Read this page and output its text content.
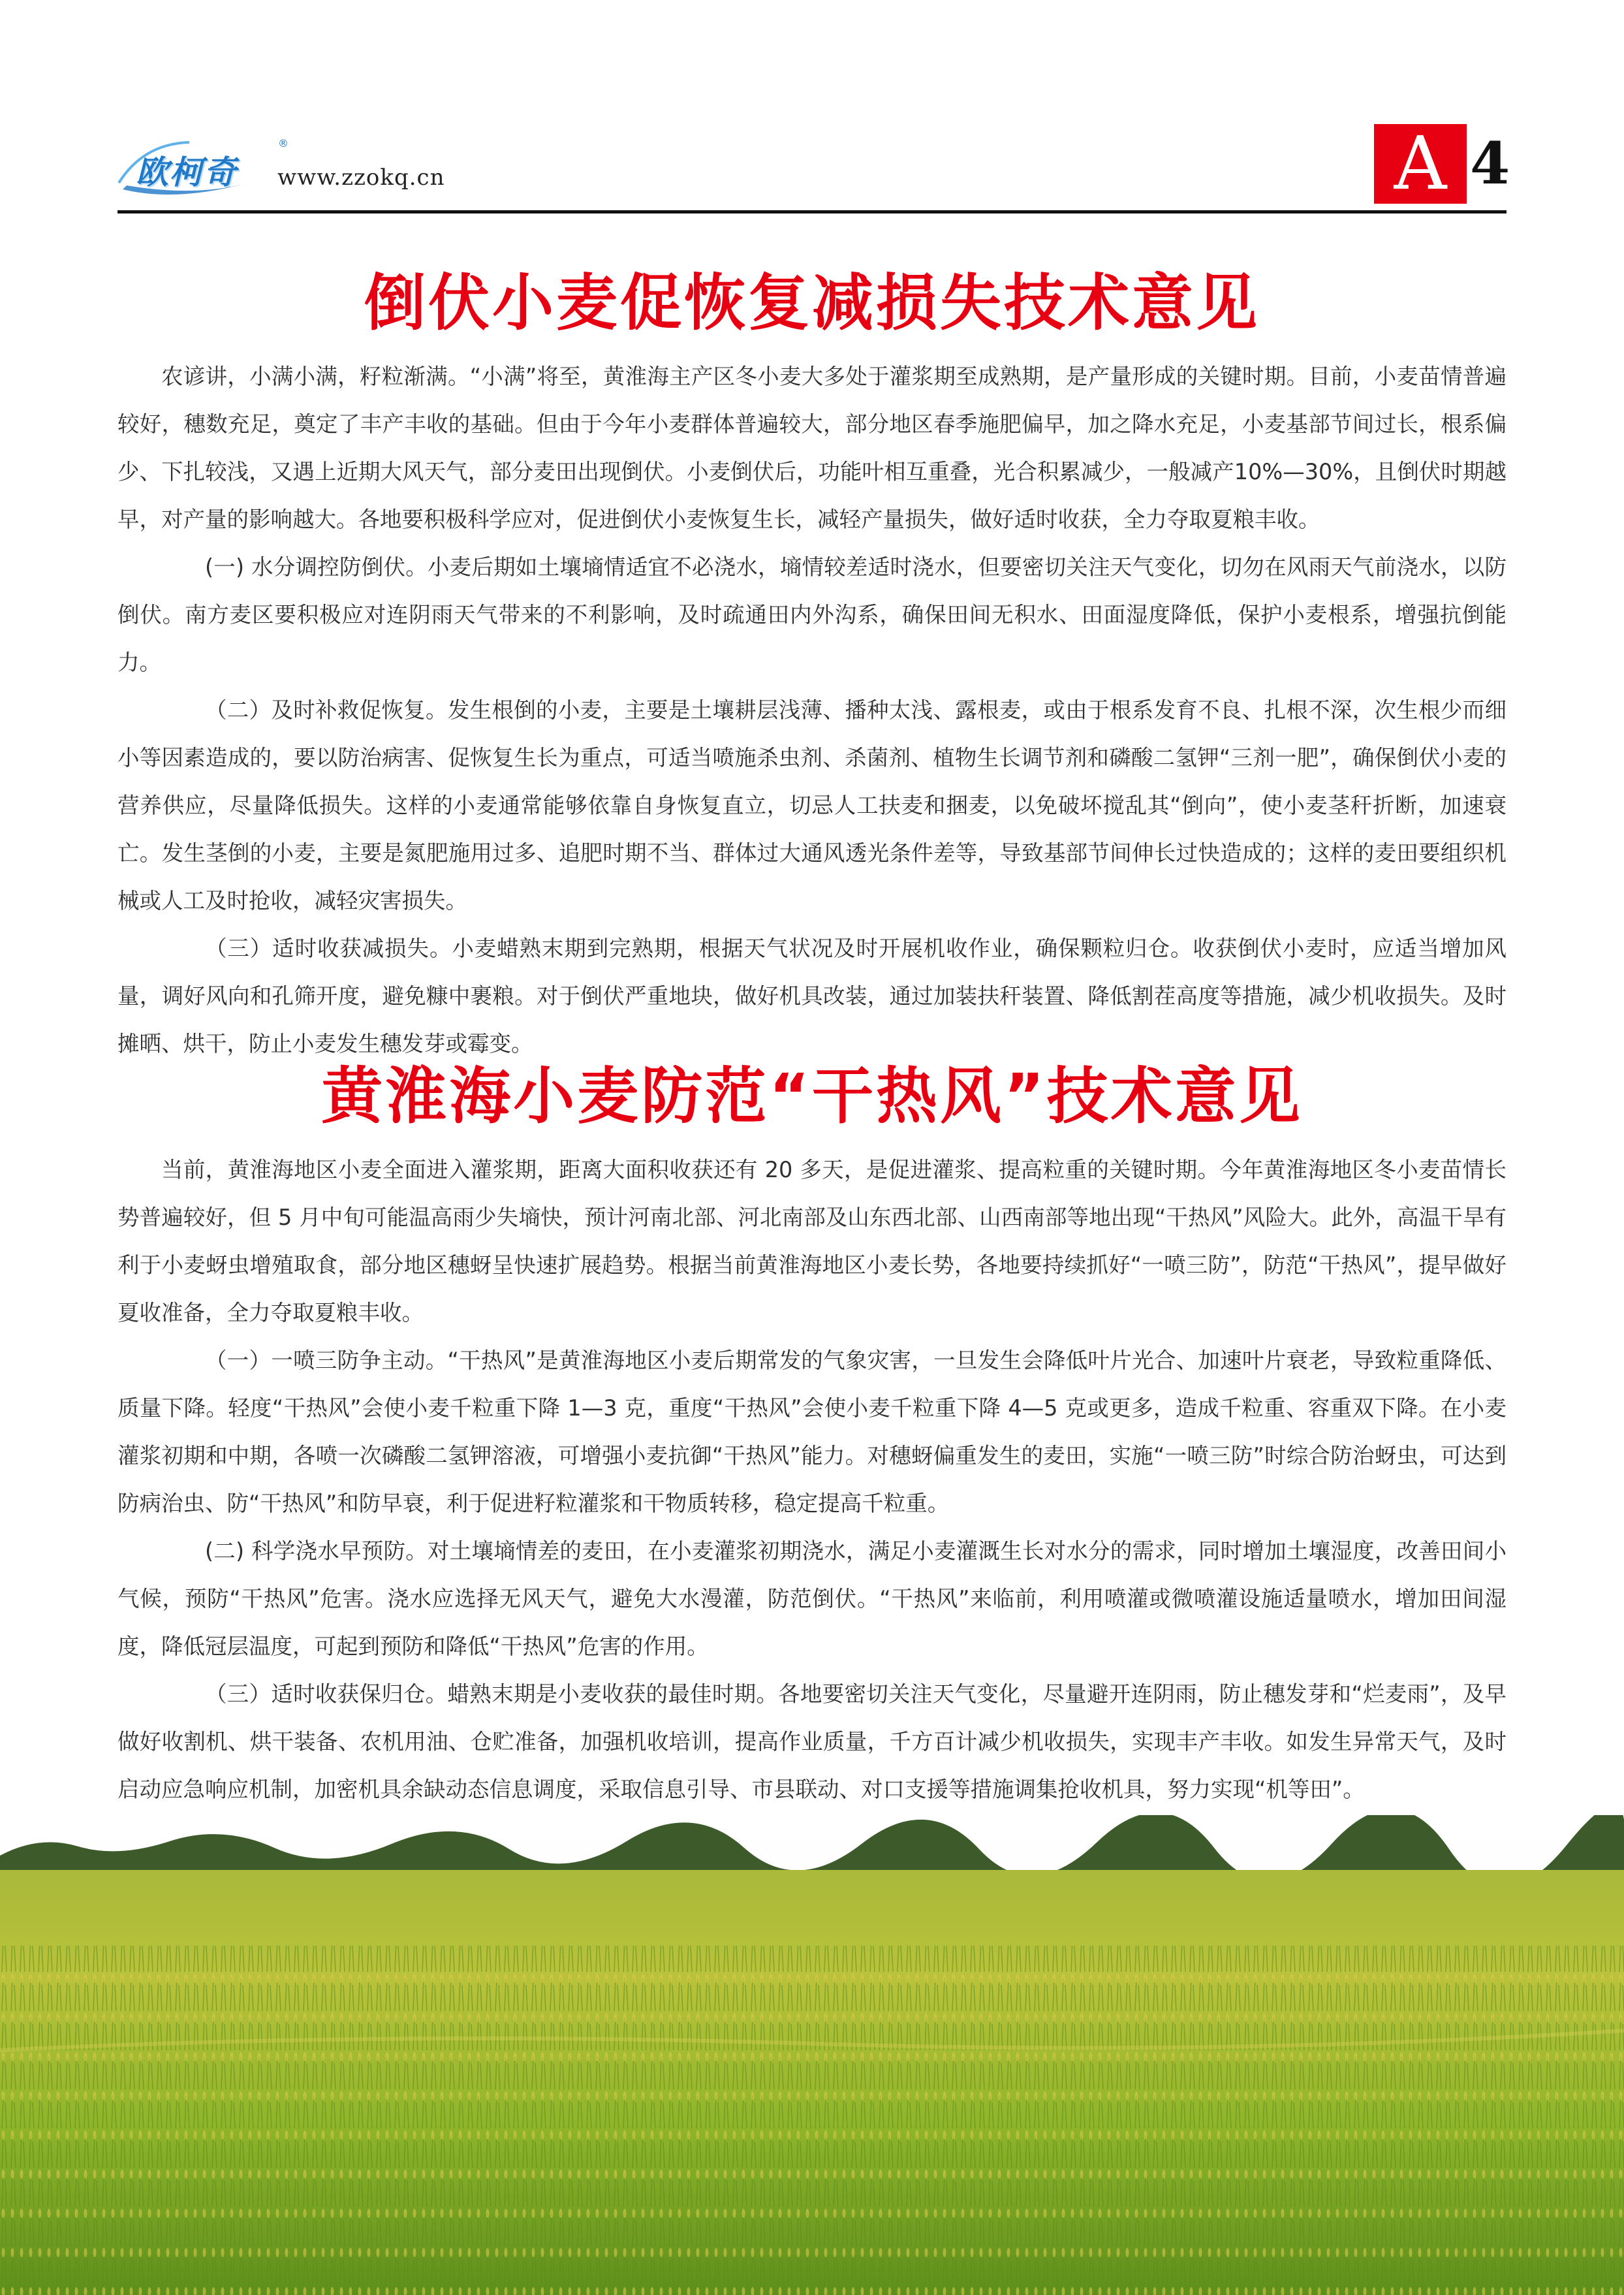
欧柯奇
®
www.zzokq.cn	A 4
倒伏小麦促恢复减损失技术意见

农谚讲，小满小满，籽粒渐满。“小满”将至，黄淮海主产区冬小麦大多处于灌浆期至成熟期，是产量形成的关键时期。目前，小麦苗情普遍较好，穗数充足，奠定了丰产丰收的基础。但由于今年小麦群体普遍较大，部分地区春季施肥偏早，加之降水充足，小麦基部节间过长，根系偏少、下扎较浅，又遇上近期大风天气，部分麦田出现倒伏。小麦倒伏后，功能叶相互重叠，光合积累减少，一般减产10%—30%，且倒伏时期越早，对产量的影响越大。各地要积极科学应对，促进倒伏小麦恢复生长，减轻产量损失，做好适时收获，全力夺取夏粮丰收。

(一) 水分调控防倒伏。小麦后期如土壤墒情适宜不必浇水，墒情较差适时浇水，但要密切关注天气变化，切勿在风雨天气前浇水，以防倒伏。南方麦区要积极应对连阴雨天气带来的不利影响，及时疏通田内外沟系，确保田间无积水、田面湿度降低，保护小麦根系，增强抗倒能力。

（二）及时补救促恢复。发生根倒的小麦，主要是土壤耕层浅薄、播种太浅、露根麦，或由于根系发育不良、扎根不深，次生根少而细小等因素造成的，要以防治病害、促恢复生长为重点，可适当喷施杀虫剂、杀菌剂、植物生长调节剂和磷酸二氢钾“三剂一肥”，确保倒伏小麦的营养供应，尽量降低损失。这样的小麦通常能够依靠自身恢复直立，切忌人工扶麦和捆麦，以免破坏搅乱其“倒向”，使小麦茎秆折断，加速衰亡。发生茎倒的小麦，主要是氮肥施用过多、追肥时期不当、群体过大通风透光条件差等，导致基部节间伸长过快造成的；这样的麦田要组织机械或人工及时抢收，减轻灾害损失。

（三）适时收获减损失。小麦蜡熟末期到完熟期，根据天气状况及时开展机收作业，确保颗粒归仓。收获倒伏小麦时，应适当增加风量，调好风向和孔筛开度，避免糠中裹粮。对于倒伏严重地块，做好机具改装，通过加装扶秆装置、降低割茬高度等措施，减少机收损失。及时摊晒、烘干，防止小麦发生穗发芽或霉变。

黄淮海小麦防范“干热风”技术意见

当前，黄淮海地区小麦全面进入灌浆期，距离大面积收获还有 20 多天，是促进灌浆、提高粒重的关键时期。今年黄淮海地区冬小麦苗情长势普遍较好，但 5 月中旬可能温高雨少失墒快，预计河南北部、河北南部及山东西北部、山西南部等地出现“干热风”风险大。此外，高温干旱有利于小麦蚜虫增殖取食，部分地区穗蚜呈快速扩展趋势。根据当前黄淮海地区小麦长势，各地要持续抓好“一喷三防”，防范“干热风”，提早做好夏收准备，全力夺取夏粮丰收。

（一）一喷三防争主动。“干热风”是黄淮海地区小麦后期常发的气象灾害，一旦发生会降低叶片光合、加速叶片衰老，导致粒重降低、质量下降。轻度“干热风”会使小麦千粒重下降 1—3 克，重度“干热风”会使小麦千粒重下降 4—5 克或更多，造成千粒重、容重双下降。在小麦灌浆初期和中期，各喷一次磷酸二氢钾溶液，可增强小麦抗御“干热风”能力。对穗蚜偏重发生的麦田，实施“一喷三防”时综合防治蚜虫，可达到防病治虫、防“干热风”和防早衰，利于促进籽粒灌浆和干物质转移，稳定提高千粒重。

(二) 科学浇水早预防。对土壤墒情差的麦田，在小麦灌浆初期浇水，满足小麦灌溉生长对水分的需求，同时增加土壤湿度，改善田间小气候，预防“干热风”危害。浇水应选择无风天气，避免大水漫灌，防范倒伏。“干热风”来临前，利用喷灌或微喷灌设施适量喷水，增加田间湿度，降低冠层温度，可起到预防和降低“干热风”危害的作用。

（三）适时收获保归仓。蜡熟末期是小麦收获的最佳时期。各地要密切关注天气变化，尽量避开连阴雨，防止穗发芽和“烂麦雨”，及早做好收割机、烘干装备、农机用油、仓贮准备，加强机收培训，提高作业质量，千方百计减少机收损失，实现丰产丰收。如发生异常天气，及时启动应急响应机制，加密机具余缺动态信息调度，采取信息引导、市县联动、对口支援等措施调集抢收机具，努力实现“机等田”。
